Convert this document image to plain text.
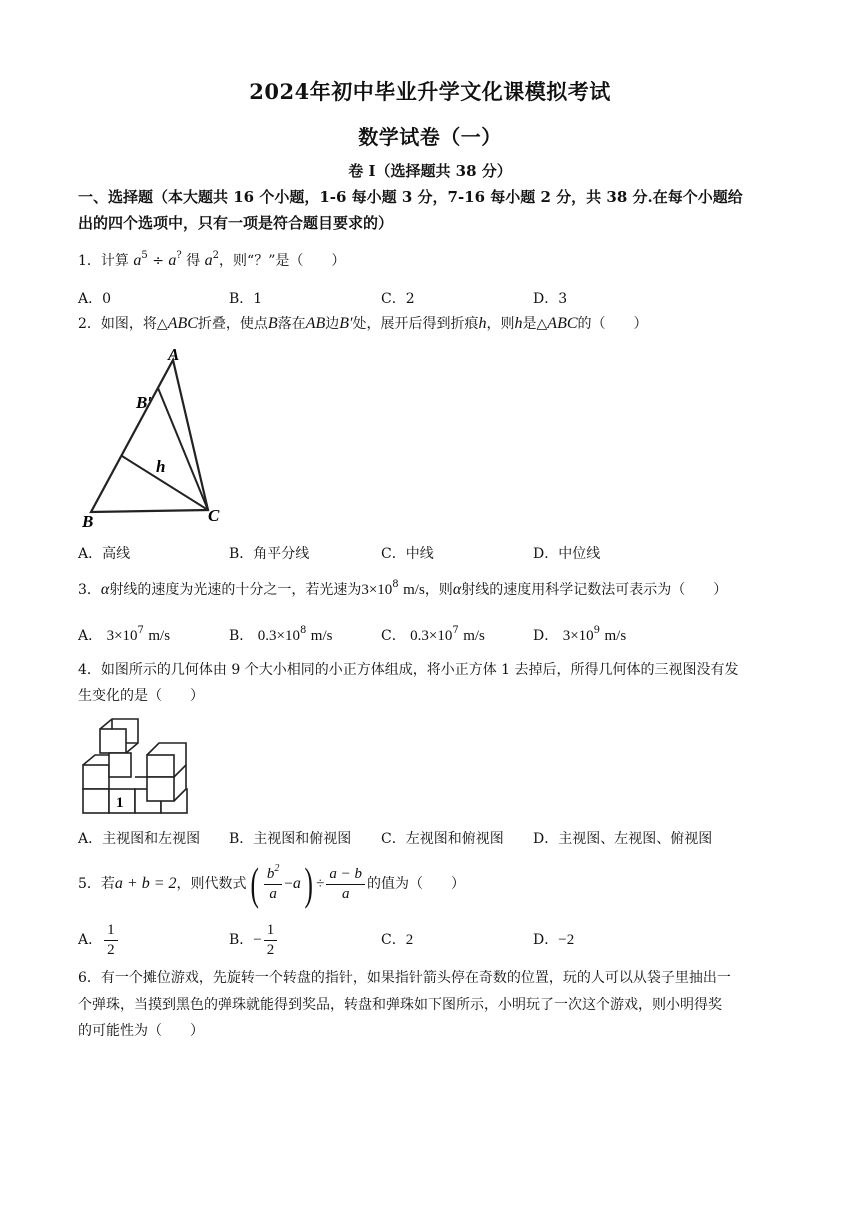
2024年初中毕业升学文化课模拟考试
数学试卷（一）
卷 I（选择题共 38 分）
一、选择题（本大题共 16 个小题，1-6 每小题 3 分，7-16 每小题 2 分，共 38 分.在每个小题给
出的四个选项中，只有一项是符合题目要求的）
1．计算 $a^5 \div a^?$ 得 $a^2$，则“？”是（　　）
A．0	B．1	C．2	D．3
2．如图，将△ABC折叠，使点B落在AB边B′处，展开后得到折痕h，则h是△ABC的（　　）
A
B′
h
B	C
A．高线	B．角平分线	C．中线	D．中位线
3．α射线的速度为光速的十分之一，若光速为$3\times 10^8$ m/s，则α射线的速度用科学记数法可表示为（　　）
A． $3\times 10^7$ m/s	B． $0.3\times 10^8$ m/s	C． $0.3\times 10^7$ m/s	D． $3\times 10^9$ m/s
4．如图所示的几何体由 9 个大小相同的小正方体组成，将小正方体 1 去掉后，所得几何体的三视图没有发
生变化的是（　　）
1
A．主视图和左视图 B．主视图和俯视图 C．左视图和俯视图 D．主视图、左视图、俯视图
5．若a + b = 2，则代数式( $\frac{b^2}{a} -a) \div \frac{a - b}{a}$ 的值为（　　）
A． $\frac{1}{2}$	B．− $\frac{1}{2}$	C．2	D．−2
6．有一个摊位游戏，先旋转一个转盘的指针，如果指针箭头停在奇数的位置，玩的人可以从袋子里抽出一
个弹珠，当摸到黑色的弹珠就能得到奖品，转盘和弹珠如下图所示，小明玩了一次这个游戏，则小明得奖
的可能性为（　　）
